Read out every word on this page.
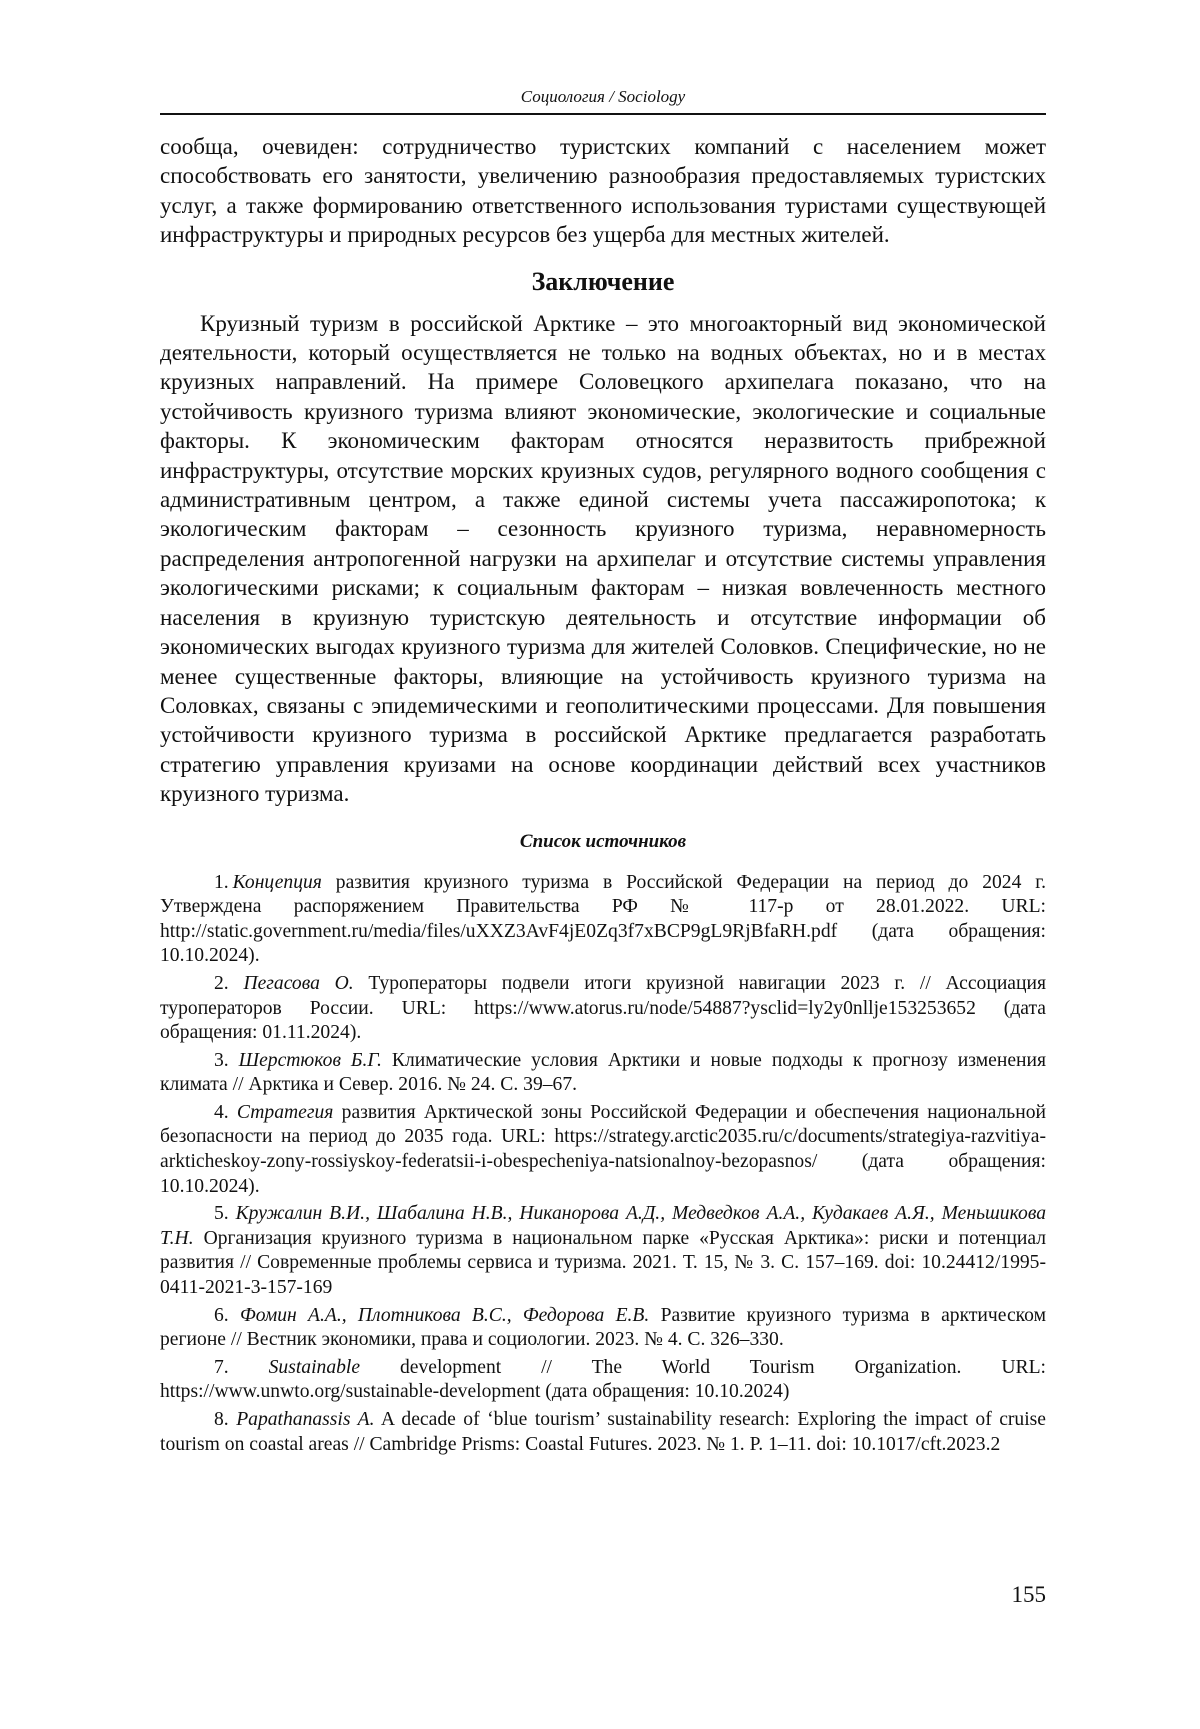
Социология / Sociology

сообща, очевиден: сотрудничество туристских компаний с населением может способствовать его занятости, увеличению разнообразия предоставляемых туристских услуг, а также формированию ответственного использования туристами существующей инфраструктуры и природных ресурсов без ущерба для местных жителей.

Заключение

Круизный туризм в российской Арктике – это многоакторный вид экономической деятельности, который осуществляется не только на водных объектах, но и в местах круизных направлений. На примере Соловецкого архипелага показано, что на устойчивость круизного туризма влияют экономические, экологические и социальные факторы. К экономическим факторам относятся неразвитость прибрежной инфраструктуры, отсутствие морских круизных судов, регулярного водного сообщения с административным центром, а также единой системы учета пассажиропотока; к экологическим факторам – сезонность круизного туризма, неравномерность распределения антропогенной нагрузки на архипелаг и отсутствие системы управления экологическими рисками; к социальным факторам – низкая вовлеченность местного населения в круизную туристскую деятельность и отсутствие информации об экономических выгодах круизного туризма для жителей Соловков. Специфические, но не менее существенные факторы, влияющие на устойчивость круизного туризма на Соловках, связаны с эпидемическими и геополитическими процессами. Для повышения устойчивости круизного туризма в российской Арктике предлагается разработать стратегию управления круизами на основе координации действий всех участников круизного туризма.

Список источников

1.  Концепция развития круизного туризма в Российской Федерации на период до 2024 г. Утверждена распоряжением Правительства РФ № 117-р от 28.01.2022. URL: http://static.government.ru/media/files/uXXZ3AvF4jE0Zq3f7xBCP9gL9RjBfaRH.pdf (дата обращения: 10.10.2024).

2. Пегасова О. Туроператоры подвели итоги круизной навигации 2023 г. // Ассоциация туроператоров России. URL: https://www.atorus.ru/node/54887?ysclid=ly2y0nllje153253652 (дата обращения: 01.11.2024).

3. Шерстюков Б.Г. Климатические условия Арктики и новые подходы к прогнозу изменения климата // Арктика и Север. 2016. № 24. С. 39–67.

4. Стратегия развития Арктической зоны Российской Федерации и обеспечения национальной безопасности на период до 2035 года. URL: https://strategy.arctic2035.ru/c/documents/strategiya-razvitiya-arkticheskoy-zony-rossiyskoy-federatsii-i-obespecheniya-natsionalnoy-bezopasnos/ (дата обращения: 10.10.2024).

5. Кружалин В.И., Шабалина Н.В., Никанорова А.Д., Медведков А.А., Кудакаев А.Я., Меньшикова Т.Н. Организация круизного туризма в национальном парке «Русская Арктика»: риски и потенциал развития // Современные проблемы сервиса и туризма. 2021. Т. 15, № 3. С. 157–169. doi: 10.24412/1995-0411-2021-3-157-169

6. Фомин А.А., Плотникова В.С., Федорова Е.В. Развитие круизного туризма в арктическом регионе // Вестник экономики, права и социологии. 2023. № 4. С. 326–330.

7. Sustainable development // The World Tourism Organization. URL: https://www.unwto.org/sustainable-development (дата обращения: 10.10.2024)

8. Papathanassis A. A decade of ‘blue tourism’ sustainability research: Exploring the impact of cruise tourism on coastal areas // Cambridge Prisms: Coastal Futures. 2023. № 1. P. 1–11. doi: 10.1017/cft.2023.2

155
